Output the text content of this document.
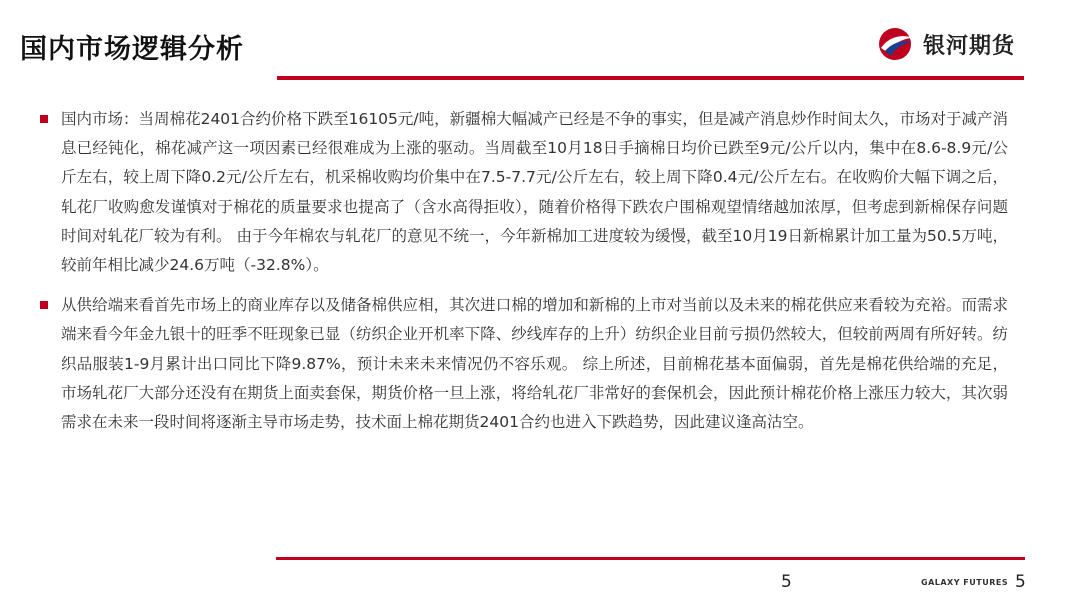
国内市场逻辑分析	银河期货
国内市场：当周棉花2401合约价格下跌至16105元/吨，新疆棉大幅减产已经是不争的事实，但是减产消息炒作时间太久，市场对于减产消息已经钝化，棉花减产这一项因素已经很难成为上涨的驱动。当周截至10月18日手摘棉日均价已跌至9元/公斤以内，集中在8.6-8.9元/公斤左右，较上周下降0.2元/公斤左右，机采棉收购均价集中在7.5-7.7元/公斤左右，较上周下降0.4元/公斤左右。在收购价大幅下调之后，轧花厂收购愈发谨慎对于棉花的质量要求也提高了（含水高得拒收），随着价格得下跌农户围棉观望情绪越加浓厚，但考虑到新棉保存问题时间对轧花厂较为有利。 由于今年棉农与轧花厂的意见不统一，今年新棉加工进度较为缓慢，截至10月19日新棉累计加工量为50.5万吨，较前年相比减少24.6万吨（-32.8%）。
从供给端来看首先市场上的商业库存以及储备棉供应相，其次进口棉的增加和新棉的上市对当前以及未来的棉花供应来看较为充裕。而需求端来看今年金九银十的旺季不旺现象已显（纺织企业开机率下降、纱线库存的上升）纺织企业目前亏损仍然较大，但较前两周有所好转。纺织品服装1-9月累计出口同比下降9.87%，预计未来未来情况仍不容乐观。 综上所述，目前棉花基本面偏弱，首先是棉花供给端的充足，市场轧花厂大部分还没有在期货上面卖套保，期货价格一旦上涨，将给轧花厂非常好的套保机会，因此预计棉花价格上涨压力较大，其次弱需求在未来一段时间将逐渐主导市场走势，技术面上棉花期货2401合约也进入下跌趋势，因此建议逢高沽空。
5	GALAXY FUTURES 5
